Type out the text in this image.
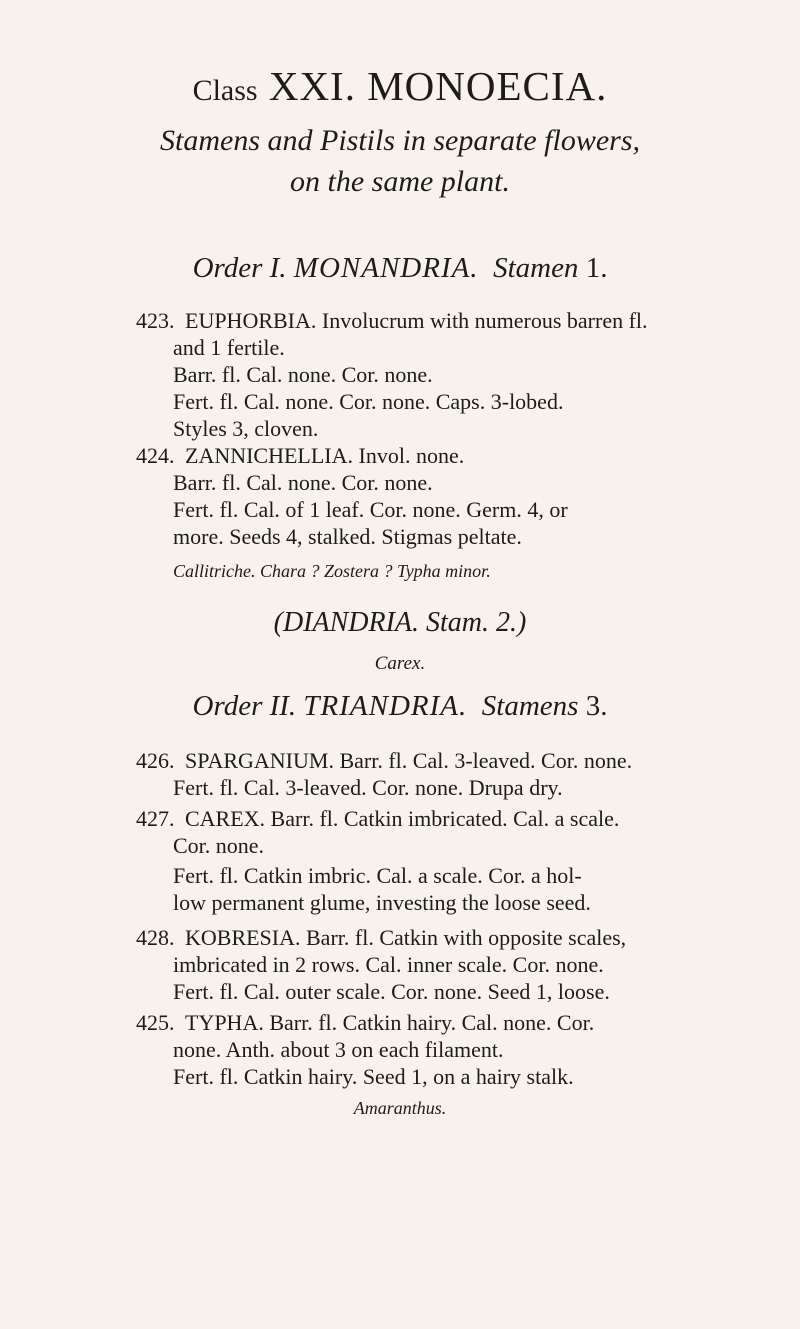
Class XXI. MONOECIA.
Stamens and Pistils in separate flowers,
on the same plant.
Order I. MONANDRIA. Stamen 1.
423. EUPHORBIA. Involucrum with numerous barren fl.
and 1 fertile.
Barr. fl. Cal. none. Cor. none.
Fert. fl. Cal. none. Cor. none. Caps. 3-lobed.
Styles 3, cloven.
424. ZANNICHELLIA. Invol. none.
Barr. fl. Cal. none. Cor. none.
Fert. fl. Cal. of 1 leaf. Cor. none. Germ. 4, or
more. Seeds 4, stalked. Stigmas peltate.
Callitriche. Chara ? Zostera ? Typha minor.
(DIANDRIA. Stam. 2.)
Carex.
Order II. TRIANDRIA. Stamens 3.
426. SPARGANIUM. Barr. fl. Cal. 3-leaved. Cor. none.
Fert. fl. Cal. 3-leaved. Cor. none. Drupa dry.
427. CAREX. Barr. fl. Catkin imbricated. Cal. a scale.
Cor. none.
Fert. fl. Catkin imbric. Cal. a scale. Cor. a hol-
low permanent glume, investing the loose seed.
428. KOBRESIA. Barr. fl. Catkin with opposite scales,
imbricated in 2 rows. Cal. inner scale. Cor. none.
Fert. fl. Cal. outer scale. Cor. none. Seed 1, loose.
425. TYPHA. Barr. fl. Catkin hairy. Cal. none. Cor.
none. Anth. about 3 on each filament.
Fert. fl. Catkin hairy. Seed 1, on a hairy stalk.
Amaranthus.
